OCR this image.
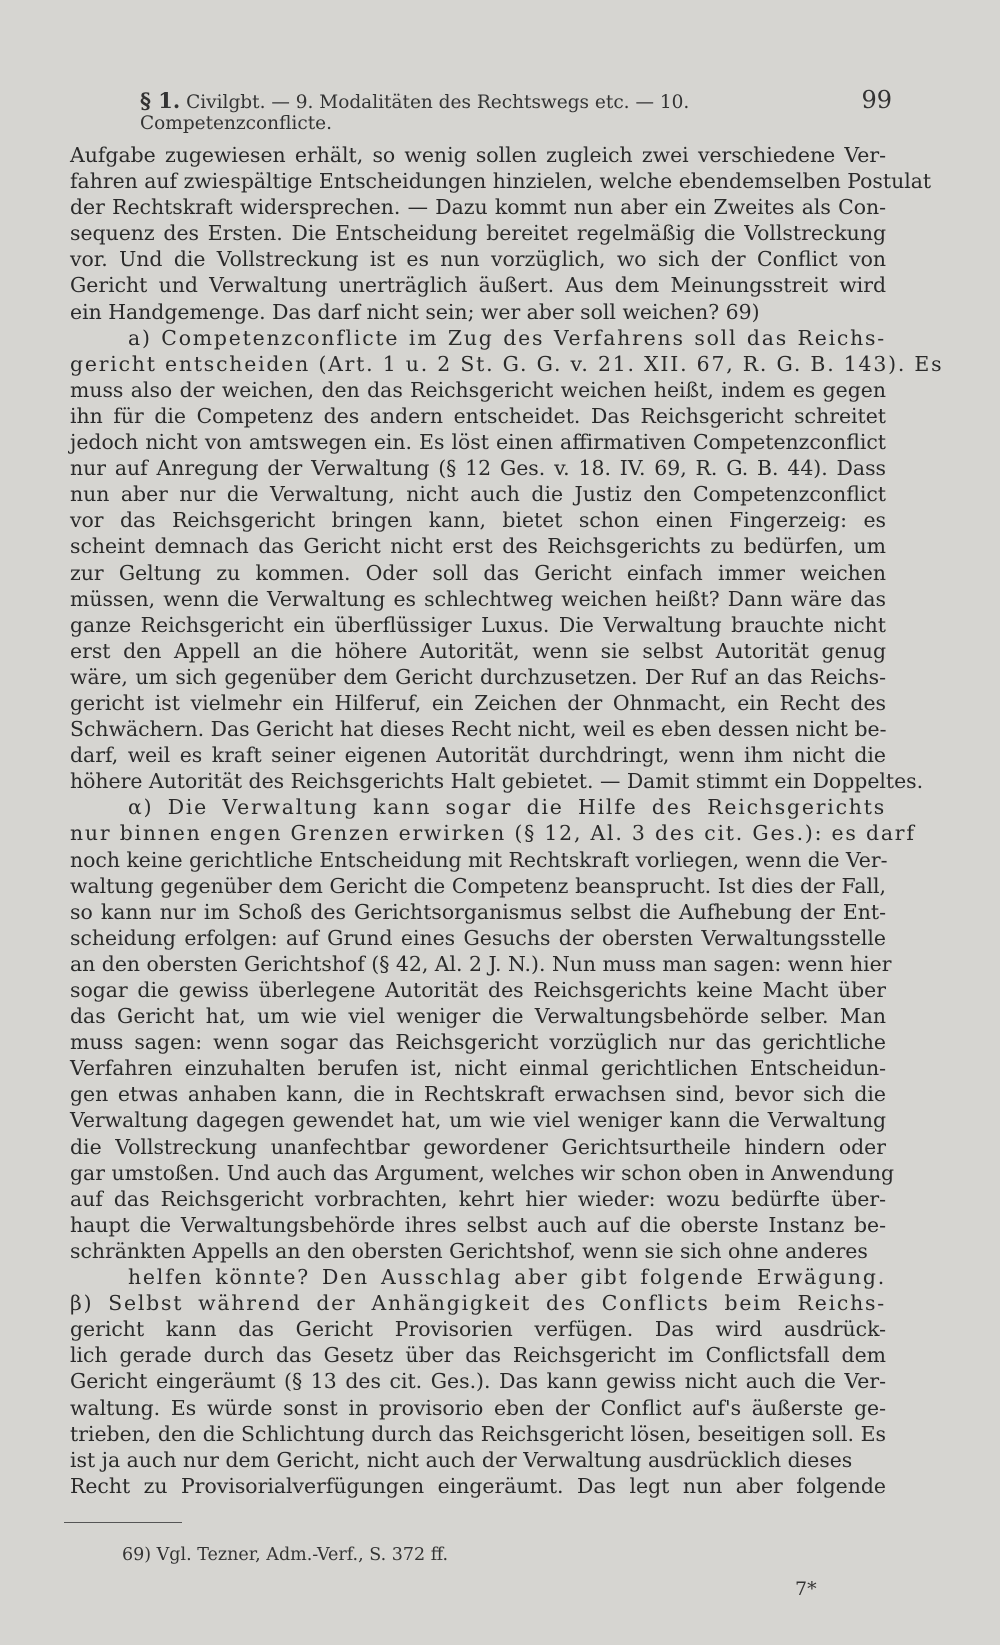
§ 1. Civilgbt. — 9. Modalitäten des Rechtswegs etc. — 10. Competenzconflicte.
99
Aufgabe zugewiesen erhält, so wenig sollen zugleich zwei verschiedene Ver-
fahren auf zwiespältige Entscheidungen hinzielen, welche ebendemselben Postulat
der Rechtskraft widersprechen. — Dazu kommt nun aber ein Zweites als Con-
sequenz des Ersten. Die Entscheidung bereitet regelmäßig die Vollstreckung
vor. Und die Vollstreckung ist es nun vorzüglich, wo sich der Conflict von
Gericht und Verwaltung unerträglich äußert. Aus dem Meinungsstreit wird
ein Handgemenge. Das darf nicht sein; wer aber soll weichen? 69)
a) Competenzconflicte im Zug des Verfahrens soll das Reichs-
gericht entscheiden (Art. 1 u. 2 St. G. G. v. 21. XII. 67, R. G. B. 143). Es
muss also der weichen, den das Reichsgericht weichen heißt, indem es gegen
ihn für die Competenz des andern entscheidet. Das Reichsgericht schreitet
jedoch nicht von amtswegen ein. Es löst einen affirmativen Competenzconflict
nur auf Anregung der Verwaltung (§ 12 Ges. v. 18. IV. 69, R. G. B. 44). Dass
nun aber nur die Verwaltung, nicht auch die Justiz den Competenzconflict
vor das Reichsgericht bringen kann, bietet schon einen Fingerzeig: es
scheint demnach das Gericht nicht erst des Reichsgerichts zu bedürfen, um
zur Geltung zu kommen. Oder soll das Gericht einfach immer weichen
müssen, wenn die Verwaltung es schlechtweg weichen heißt? Dann wäre das
ganze Reichsgericht ein überflüssiger Luxus. Die Verwaltung brauchte nicht
erst den Appell an die höhere Autorität, wenn sie selbst Autorität genug
wäre, um sich gegenüber dem Gericht durchzusetzen. Der Ruf an das Reichs-
gericht ist vielmehr ein Hilferuf, ein Zeichen der Ohnmacht, ein Recht des
Schwächern. Das Gericht hat dieses Recht nicht, weil es eben dessen nicht be-
darf, weil es kraft seiner eigenen Autorität durchdringt, wenn ihm nicht die
höhere Autorität des Reichsgerichts Halt gebietet. — Damit stimmt ein Doppeltes.
α) Die Verwaltung kann sogar die Hilfe des Reichsgerichts
nur binnen engen Grenzen erwirken (§ 12, Al. 3 des cit. Ges.): es darf
noch keine gerichtliche Entscheidung mit Rechtskraft vorliegen, wenn die Ver-
waltung gegenüber dem Gericht die Competenz beansprucht. Ist dies der Fall,
so kann nur im Schoß des Gerichtsorganismus selbst die Aufhebung der Ent-
scheidung erfolgen: auf Grund eines Gesuchs der obersten Verwaltungsstelle
an den obersten Gerichtshof (§ 42, Al. 2 J. N.). Nun muss man sagen: wenn hier
sogar die gewiss überlegene Autorität des Reichsgerichts keine Macht über
das Gericht hat, um wie viel weniger die Verwaltungsbehörde selber. Man
muss sagen: wenn sogar das Reichsgericht vorzüglich nur das gerichtliche
Verfahren einzuhalten berufen ist, nicht einmal gerichtlichen Entscheidun-
gen etwas anhaben kann, die in Rechtskraft erwachsen sind, bevor sich die
Verwaltung dagegen gewendet hat, um wie viel weniger kann die Verwaltung
die Vollstreckung unanfechtbar gewordener Gerichtsurtheile hindern oder
gar umstoßen. Und auch das Argument, welches wir schon oben in Anwendung
auf das Reichsgericht vorbrachten, kehrt hier wieder: wozu bedürfte über-
haupt die Verwaltungsbehörde ihres selbst auch auf die oberste Instanz be-
schränkten Appells an den obersten Gerichtshof, wenn sie sich ohne anderes
helfen könnte? Den Ausschlag aber gibt folgende Erwägung.
β) Selbst während der Anhängigkeit des Conflicts beim Reichs-
gericht kann das Gericht Provisorien verfügen. Das wird ausdrück-
lich gerade durch das Gesetz über das Reichsgericht im Conflictsfall dem
Gericht eingeräumt (§ 13 des cit. Ges.). Das kann gewiss nicht auch die Ver-
waltung. Es würde sonst in provisorio eben der Conflict auf's äußerste ge-
trieben, den die Schlichtung durch das Reichsgericht lösen, beseitigen soll. Es
ist ja auch nur dem Gericht, nicht auch der Verwaltung ausdrücklich dieses
Recht zu Provisorialverfügungen eingeräumt. Das legt nun aber folgende
69) Vgl. Tezner, Adm.-Verf., S. 372 ff.
7*
